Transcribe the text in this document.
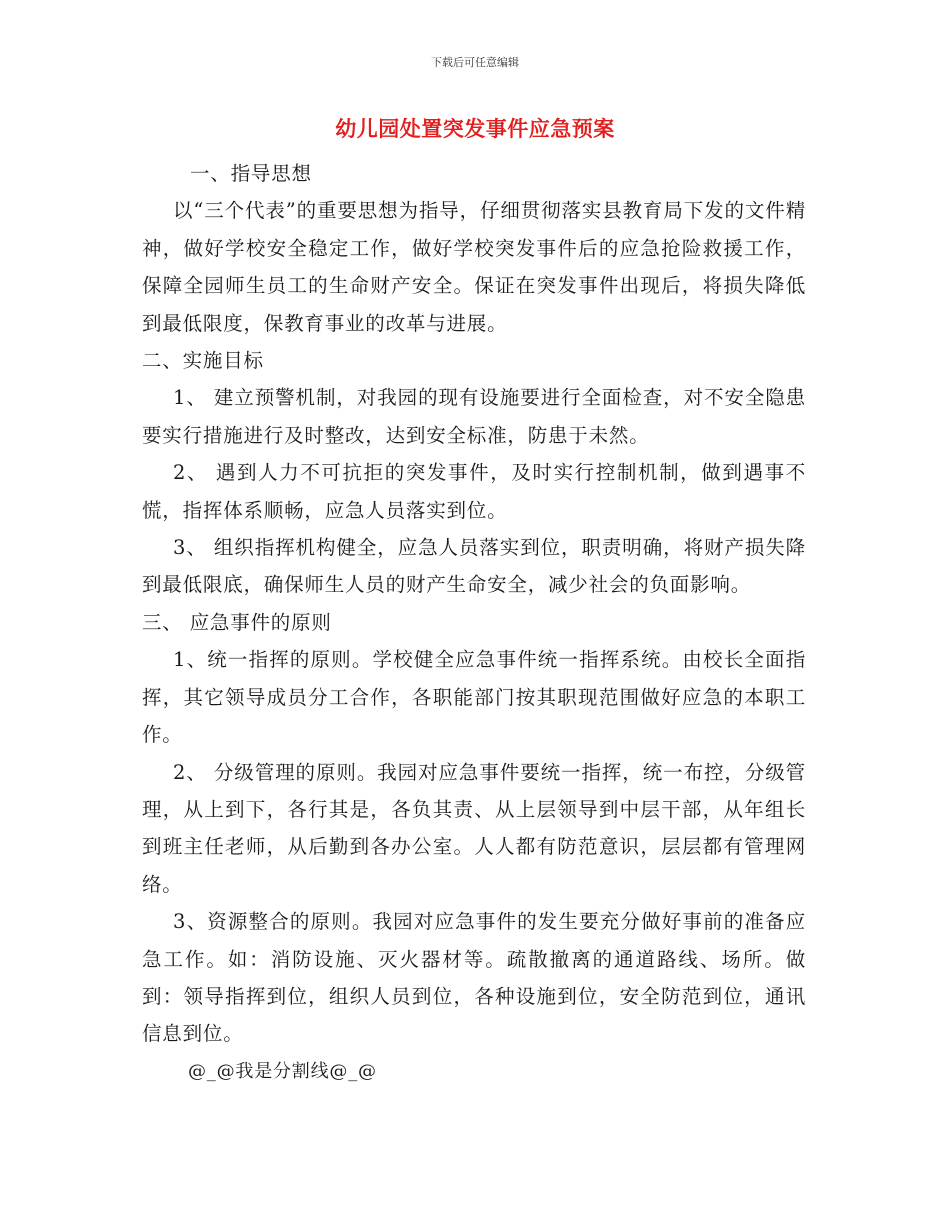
下载后可任意编辑
幼儿园处置突发事件应急预案

一、指导思想

以“三个代表”的重要思想为指导，仔细贯彻落实县教育局下发的文件精神，做好学校安全稳定工作，做好学校突发事件后的应急抢险救援工作，保障全园师生员工的生命财产安全。保证在突发事件出现后，将损失降低到最低限度，保教育事业的改革与进展。

二、实施目标

1、 建立预警机制，对我园的现有设施要进行全面检查，对不安全隐患要实行措施进行及时整改，达到安全标准，防患于未然。

2、 遇到人力不可抗拒的突发事件，及时实行控制机制，做到遇事不慌，指挥体系顺畅，应急人员落实到位。

3、 组织指挥机构健全，应急人员落实到位，职责明确，将财产损失降到最低限底，确保师生人员的财产生命安全，减少社会的负面影响。

三、 应急事件的原则

1、统一指挥的原则。学校健全应急事件统一指挥系统。由校长全面指挥，其它领导成员分工合作，各职能部门按其职现范围做好应急的本职工作。

2、 分级管理的原则。我园对应急事件要统一指挥，统一布控，分级管理，从上到下，各行其是，各负其责、从上层领导到中层干部，从年组长到班主任老师，从后勤到各办公室。人人都有防范意识，层层都有管理网络。

3、资源整合的原则。我园对应急事件的发生要充分做好事前的准备应急工作。如：消防设施、灭火器材等。疏散撤离的通道路线、场所。做到：领导指挥到位，组织人员到位，各种设施到位，安全防范到位，通讯信息到位。

@_@我是分割线@_@
